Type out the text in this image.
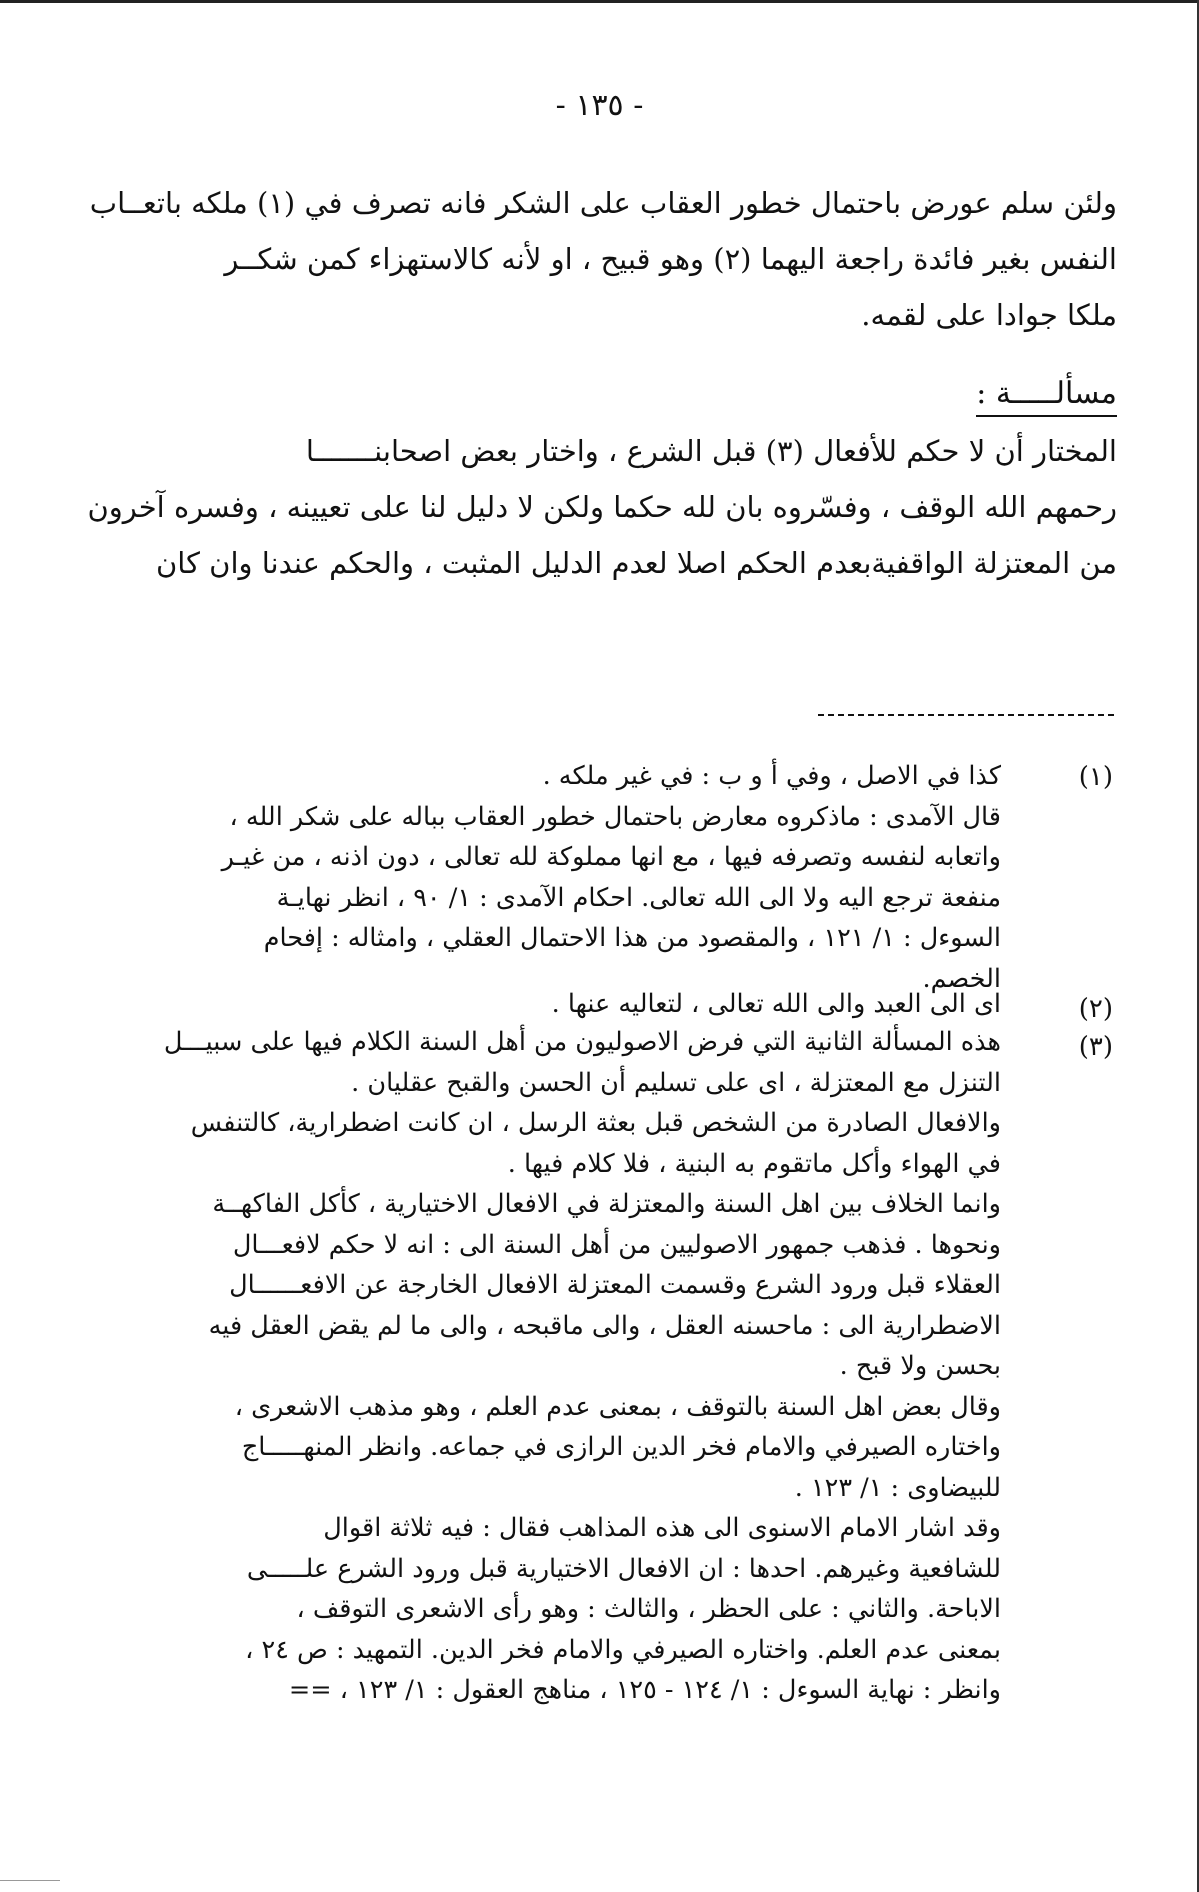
- ١٣٥ -
ولئن سلم عورض باحتمال خطور العقاب على الشكر فانه تصرف في (١) ملكه باتعــاب
النفس بغير فائدة راجعة اليهما (٢) وهو قبيح ، او لأنه كالاستهزاء كمن شكــر
ملكا جوادا على لقمه.
مسألـــــة :
المختار أن لا حكم للأفعال (٣) قبل الشرع ، واختار بعض اصحابنـــــــا
رحمهم الله الوقف ، وفسّروه بان لله حكما ولكن لا دليل لنا على تعيينه ، وفسره آخرون
من المعتزلة الواقفيةبعدم الحكم اصلا لعدم الدليل المثبت ، والحكم عندنا وان كان
(١)
كذا في الاصل ، وفي أ و ب : في غير ملكه .
قال الآمدى : ماذكروه معارض باحتمال خطور العقاب بباله على شكر الله ،
واتعابه لنفسه وتصرفه فيها ، مع انها مملوكة لله تعالى ، دون اذنه ، من غيـر
منفعة ترجع اليه ولا الى الله تعالى. احكام الآمدى : ١/ ٩٠ ، انظر نهايـة
السوءل : ١/ ١٢١ ، والمقصود من هذا الاحتمال العقلي ، وامثاله : إفحام
الخصم.
(٢)
اى الى العبد والى الله تعالى ، لتعاليه عنها .
(٣)
هذه المسألة الثانية التي فرض الاصوليون من أهل السنة الكلام فيها على سبيـــل
التنزل مع المعتزلة ، اى على تسليم أن الحسن والقبح عقليان .
والافعال الصادرة من الشخص قبل بعثة الرسل ، ان كانت اضطرارية، كالتنفس
في الهواء وأكل ماتقوم به البنية ، فلا كلام فيها .
وانما الخلاف بين اهل السنة والمعتزلة في الافعال الاختيارية ، كأكل الفاكهــة
ونحوها . فذهب جمهور الاصوليين من أهل السنة الى : انه لا حكم لافعـــال
العقلاء قبل ورود الشرع وقسمت المعتزلة الافعال الخارجة عن الافعــــــال
الاضطرارية الى : ماحسنه العقل ، والى ماقبحه ، والى ما لم يقض العقل فيه
بحسن ولا قبح .
وقال بعض اهل السنة بالتوقف ، بمعنى عدم العلم ، وهو مذهب الاشعرى ،
واختاره الصيرفي والامام فخر الدين الرازى في جماعه. وانظر المنهـــــاج
للبيضاوى : ١/ ١٢٣ .
وقد اشار الامام الاسنوى الى هذه المذاهب فقال : فيه ثلاثة اقوال
للشافعية وغيرهم. احدها : ان الافعال الاختيارية قبل ورود الشرع علـــــى
الاباحة. والثاني : على الحظر ، والثالث : وهو رأى الاشعرى التوقف ،
بمعنى عدم العلم. واختاره الصيرفي والامام فخر الدين. التمهيد : ص ٢٤ ،
وانظر : نهاية السوءل : ١/ ١٢٤ - ١٢٥ ، مناهج العقول : ١/ ١٢٣ ، ==
